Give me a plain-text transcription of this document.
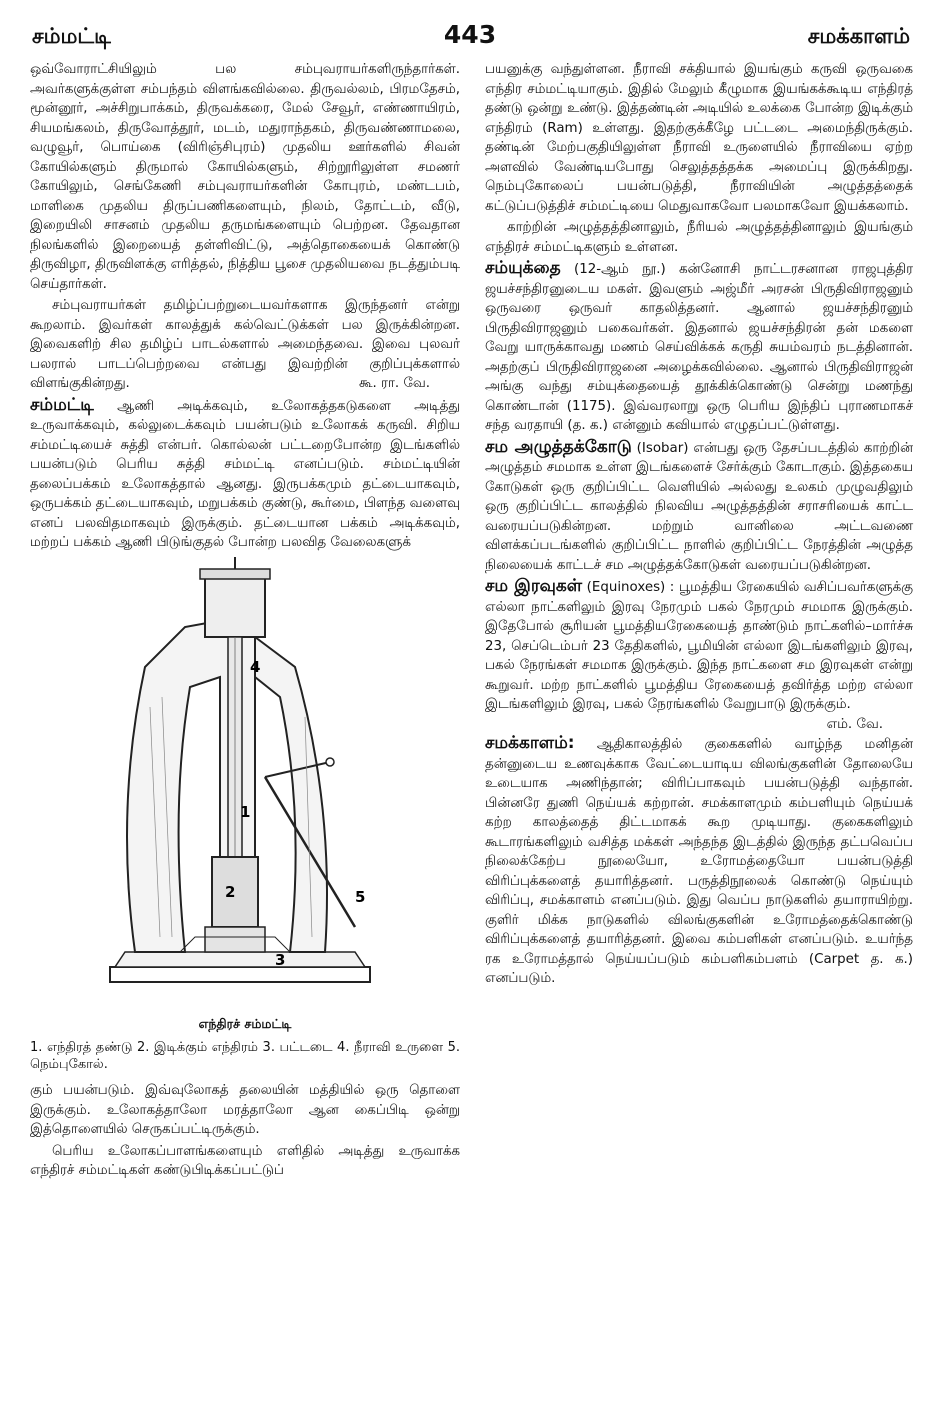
சம்மட்டி	443	சமக்காளம்

ஒவ்வோராட்சியிலும் பல சம்புவராயர்களிருந்தார்கள். அவர்களுக்குள்ள சம்பந்தம் விளங்கவில்லை. திருவல்லம், பிரமதேசம், மூன்னூர், அச்சிறுபாக்கம், திருவக்கரை, மேல் சேவூர், எண்ணாயிரம், சியமங்கலம், திருவோத்தூர், மடம், மதுராந்தகம், திருவண்ணாமலை, வழுவூர், பொய்கை (விரிஞ்சிபுரம்) முதலிய ஊர்களில் சிவன் கோயில்களும் திருமால் கோயில்களும், சிற்றூரிலுள்ள சமணர் கோயிலும், செங்கேணி சம்புவராயர்களின் கோபுரம், மண்டபம், மாளிகை முதலிய திருப்பணிகளையும், நிலம், தோட்டம், வீடு, இறையிலி சாசனம் முதலிய தருமங்களையும் பெற்றன. தேவதான நிலங்களில் இறையைத் தள்ளிவிட்டு, அத்தொகையைக் கொண்டு திருவிழா, திருவிளக்கு எரித்தல், நித்திய பூசை முதலியவை நடத்தும்படி செய்தார்கள்.

சம்புவராயர்கள் தமிழ்ப்பற்றுடையவர்களாக இருந்தனர் என்று கூறலாம். இவர்கள் காலத்துக் கல்வெட்டுக்கள் பல இருக்கின்றன. இவைகளிற் சில தமிழ்ப் பாடல்களால் அமைந்தவை. இவை புலவர் பலரால் பாடப்பெற்றவை என்பது இவற்றின் குறிப்புக்களால் விளங்குகின்றது.	கூ. ரா. வே.

சம்மட்டி ஆணி அடிக்கவும், உலோகத்தகடுகளை அடித்து உருவாக்கவும், கல்லுடைக்கவும் பயன்படும் உலோகக் கருவி. சிறிய சம்மட்டியைச் சுத்தி என்பர். கொல்லன் பட்டறைபோன்ற இடங்களில் பயன்படும் பெரிய சுத்தி சம்மட்டி எனப்படும். சம்மட்டியின் தலைப்பக்கம் உலோகத்தால் ஆனது. இருபக்கமும் தட்டையாகவும், ஒருபக்கம் தட்டையாகவும், மறுபக்கம் குண்டு, கூர்மை, பிளந்த வளைவு எனப் பலவிதமாகவும் இருக்கும். தட்டையான பக்கம் அடிக்கவும், மற்றப் பக்கம் ஆணி பிடுங்குதல் போன்ற பலவித வேலைகளுக்

4
2
3
5
1
எந்திரச் சம்மட்டி
1. எந்திரத் தண்டு 2. இடிக்கும் எந்திரம் 3. பட்டடை 4. நீராவி உருளை 5. நெம்புகோல்.

கும் பயன்படும். இவ்வுலோகத் தலையின் மத்தியில் ஒரு தொளை இருக்கும். உலோகத்தாலோ மரத்தாலோ ஆன கைப்பிடி ஒன்று இத்தொளையில் செருகப்பட்டிருக்கும்.

பெரிய உலோகப்பாளங்களையும் எளிதில் அடித்து உருவாக்க எந்திரச் சம்மட்டிகள் கண்டுபிடிக்கப்பட்டுப்

பயனுக்கு வந்துள்ளன. நீராவி சக்தியால் இயங்கும் கருவி ஒருவகை எந்திர சம்மட்டியாகும். இதில் மேலும் கீழுமாக இயங்கக்கூடிய எந்திரத் தண்டு ஒன்று உண்டு. இத்தண்டின் அடியில் உலக்கை போன்ற இடிக்கும் எந்திரம் (Ram) உள்ளது. இதற்குக்கீழே பட்டடை அமைந்திருக்கும். தண்டின் மேற்பகுதியிலுள்ள நீராவி உருளையில் நீராவியை ஏற்ற அளவில் வேண்டியபோது செலுத்தத்தக்க அமைப்பு இருக்கிறது. நெம்புகோலைப் பயன்படுத்தி, நீராவியின் அழுத்தத்தைக் கட்டுப்படுத்திச் சம்மட்டியை மெதுவாகவோ பலமாகவோ இயக்கலாம்.

காற்றின் அழுத்தத்தினாலும், நீரியல் அழுத்தத்தினாலும் இயங்கும் எந்திரச் சம்மட்டிகளும் உள்ளன.

சம்யுக்தை (12-ஆம் நூ.) கன்னோசி நாட்டரசனான ராஜபுத்திர ஜயச்சந்திரனுடைய மகள். இவளும் அஜ்மீர் அரசன் பிருதிவிராஜனும் ஒருவரை ஒருவர் காதலித்தனர். ஆனால் ஜயச்சந்திரனும் பிருதிவிராஜனும் பகைவர்கள். இதனால் ஜயச்சந்திரன் தன் மகளை வேறு யாருக்காவது மணம் செய்விக்கக் கருதி சுயம்வரம் நடத்தினான். அதற்குப் பிருதிவிராஜனை அழைக்கவில்லை. ஆனால் பிருதிவிராஜன் அங்கு வந்து சம்யுக்தையைத் தூக்கிக்கொண்டு சென்று மணந்து கொண்டான் (1175). இவ்வரலாறு ஒரு பெரிய இந்திப் புராணமாகச் சந்த வரதாயி (த. க.) என்னும் கவியால் எழுதப்பட்டுள்ளது.

சம அழுத்தக்கோடு (Isobar) என்பது ஒரு தேசப்படத்தில் காற்றின் அழுத்தம் சமமாக உள்ள இடங்களைச் சேர்க்கும் கோடாகும். இத்தகைய கோடுகள் ஒரு குறிப்பிட்ட வெளியில் அல்லது உலகம் முழுவதிலும் ஒரு குறிப்பிட்ட காலத்தில் நிலவிய அழுத்தத்தின் சராசரியைக் காட்ட வரையப்படுகின்றன. மற்றும் வானிலை அட்டவணை விளக்கப்படங்களில் குறிப்பிட்ட நாளில் குறிப்பிட்ட நேரத்தின் அழுத்த நிலையைக் காட்டச் சம அழுத்தக்கோடுகள் வரையப்படுகின்றன.

சம இரவுகள் (Equinoxes) : பூமத்திய ரேகையில் வசிப்பவர்களுக்கு எல்லா நாட்களிலும் இரவு நேரமும் பகல் நேரமும் சமமாக இருக்கும். இதேபோல் சூரியன் பூமத்தியரேகையைத் தாண்டும் நாட்களில்–மார்ச்சு 23, செப்டெம்பர் 23 தேதிகளில், பூமியின் எல்லா இடங்களிலும் இரவு, பகல் நேரங்கள் சமமாக இருக்கும். இந்த நாட்களை சம இரவுகள் என்று கூறுவர். மற்ற நாட்களில் பூமத்திய ரேகையைத் தவிர்த்த மற்ற எல்லா இடங்களிலும் இரவு, பகல் நேரங்களில் வேறுபாடு இருக்கும்.
எம். வே.

சமக்காளம்: ஆதிகாலத்தில் குகைகளில் வாழ்ந்த மனிதன் தன்னுடைய உணவுக்காக வேட்டையாடிய விலங்குகளின் தோலையே உடையாக அணிந்தான்; விரிப்பாகவும் பயன்படுத்தி வந்தான். பின்னரே துணி நெய்யக் கற்றான். சமக்காளமும் கம்பளியும் நெய்யக் கற்ற காலத்தைத் திட்டமாகக் கூற முடியாது. குகைகளிலும் கூடாரங்களிலும் வசித்த மக்கள் அந்தந்த இடத்தில் இருந்த தட்பவெப்ப நிலைக்கேற்ப நூலையோ, உரோமத்தையோ பயன்படுத்தி விரிப்புக்களைத் தயாரித்தனர். பருத்திநூலைக் கொண்டு நெய்யும் விரிப்பு, சமக்காளம் எனப்படும். இது வெப்ப நாடுகளில் தயாராயிற்று. குளிர் மிக்க நாடுகளில் விலங்குகளின் உரோமத்தைக்கொண்டு விரிப்புக்களைத் தயாரித்தனர். இவை கம்பளிகள் எனப்படும். உயர்ந்த ரக உரோமத்தால் நெய்யப்படும் கம்பளிகம்பளம் (Carpet த. க.) எனப்படும்.
